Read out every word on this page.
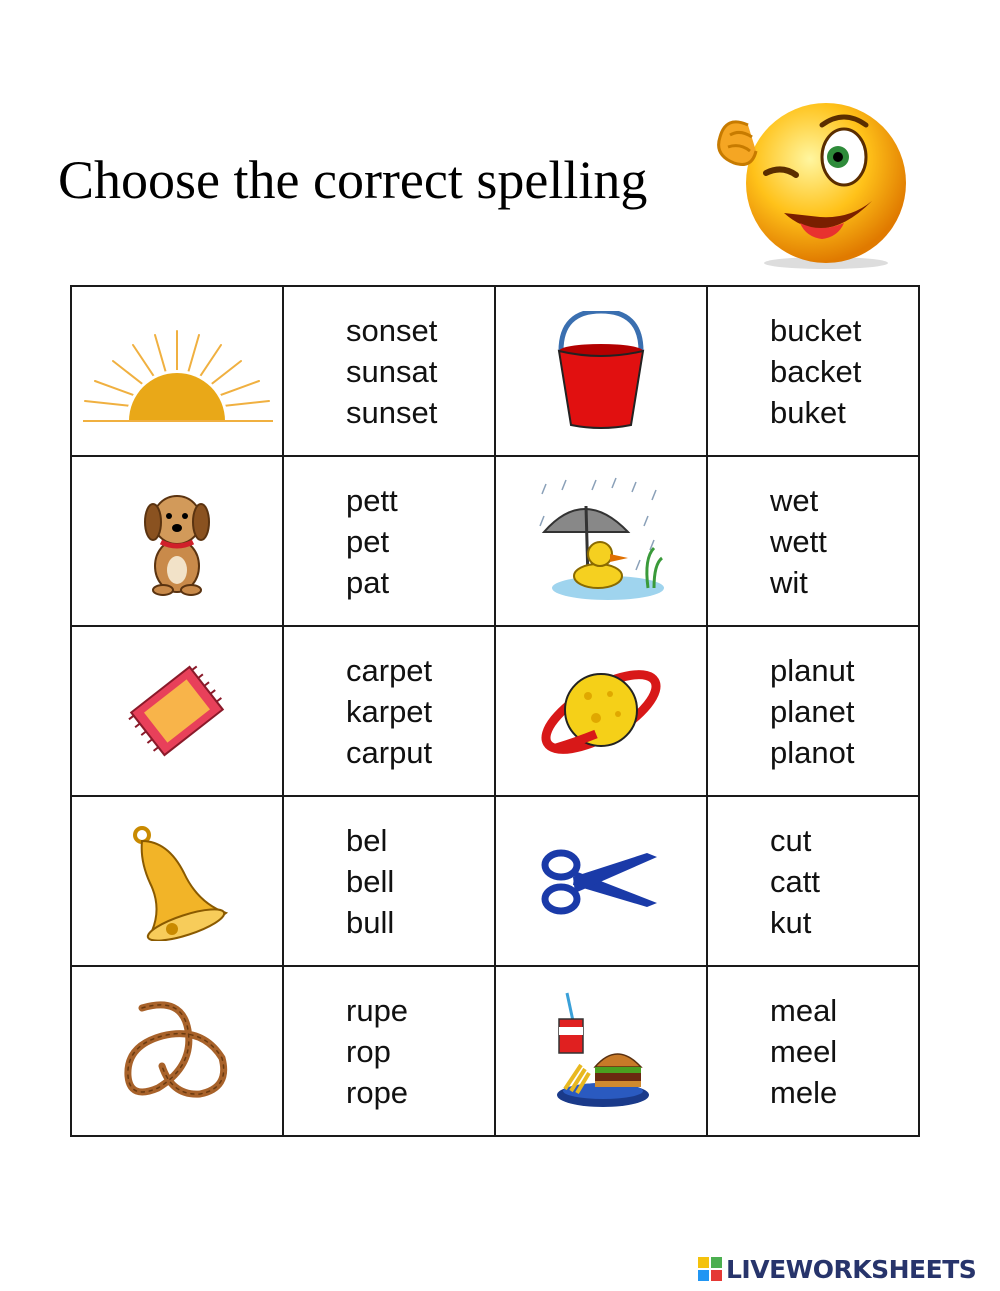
Choose the correct spelling
sonset
sunsat
sunset
bucket
backet
buket
pett
pet
pat
wet
wett
wit
carpet
karpet
carput
planut
planet
planot
bel
bell
bull
cut
catt
kut
rupe
rop
rope
meal
meel
mele
LIVEWORKSHEETS
